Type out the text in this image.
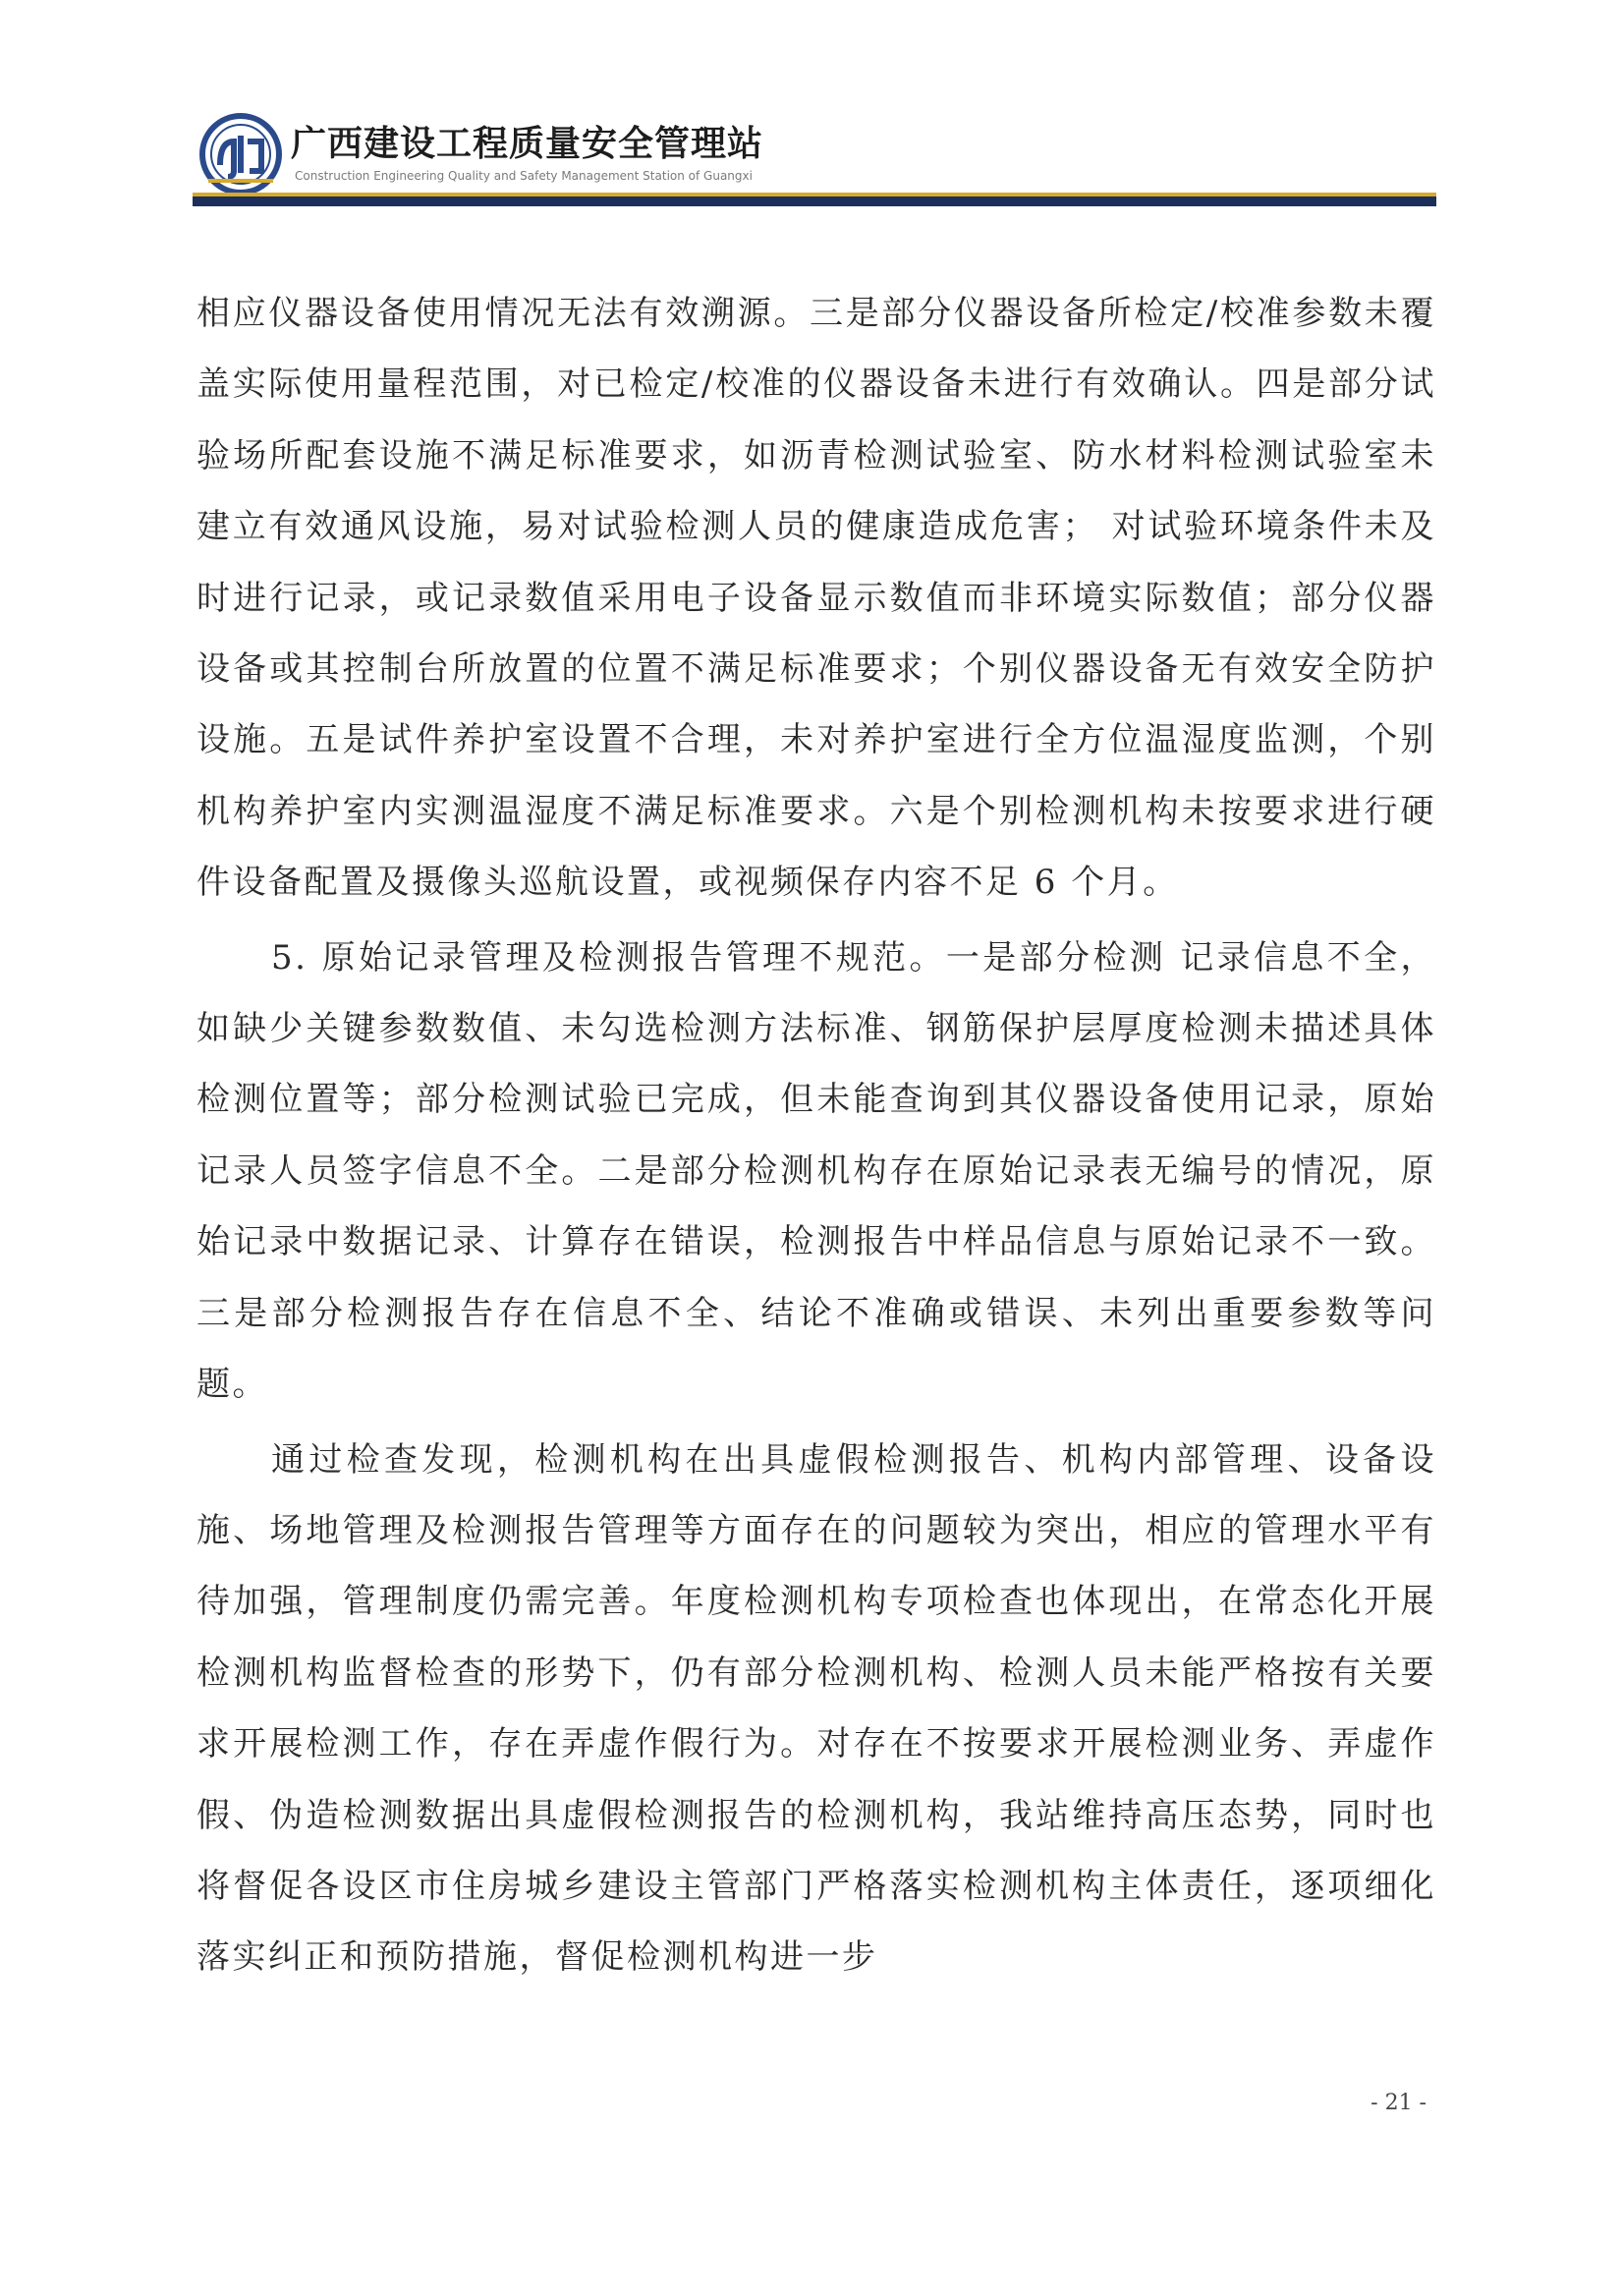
广西建设工程质量安全管理站
Construction Engineering Quality and Safety Management Station of Guangxi

相应仪器设备使用情况无法有效溯源。三是部分仪器设备所检定/校准参数未覆盖实际使用量程范围，对已检定/校准的仪器设备未进行有效确认。四是部分试验场所配套设施不满足标准要求，如沥青检测试验室、防水材料检测试验室未建立有效通风设施，易对试验检测人员的健康造成危害； 对试验环境条件未及时进行记录，或记录数值采用电子设备显示数值而非环境实际数值；部分仪器设备或其控制台所放置的位置不满足标准要求；个别仪器设备无有效安全防护设施。五是试件养护室设置不合理，未对养护室进行全方位温湿度监测，个别机构养护室内实测温湿度不满足标准要求。六是个别检测机构未按要求进行硬件设备配置及摄像头巡航设置，或视频保存内容不足 6 个月。

5. 原始记录管理及检测报告管理不规范。一是部分检测 记录信息不全，如缺少关键参数数值、未勾选检测方法标准、钢筋保护层厚度检测未描述具体检测位置等；部分检测试验已完成，但未能查询到其仪器设备使用记录，原始记录人员签字信息不全。二是部分检测机构存在原始记录表无编号的情况，原始记录中数据记录、计算存在错误，检测报告中样品信息与原始记录不一致。三是部分检测报告存在信息不全、结论不准确或错误、未列出重要参数等问题。

通过检查发现，检测机构在出具虚假检测报告、机构内部管理、设备设施、场地管理及检测报告管理等方面存在的问题较为突出，相应的管理水平有待加强，管理制度仍需完善。年度检测机构专项检查也体现出，在常态化开展检测机构监督检查的形势下，仍有部分检测机构、检测人员未能严格按有关要求开展检测工作，存在弄虚作假行为。对存在不按要求开展检测业务、弄虚作假、伪造检测数据出具虚假检测报告的检测机构，我站维持高压态势，同时也将督促各设区市住房城乡建设主管部门严格落实检测机构主体责任，逐项细化落实纠正和预防措施，督促检测机构进一步

- 21 -
